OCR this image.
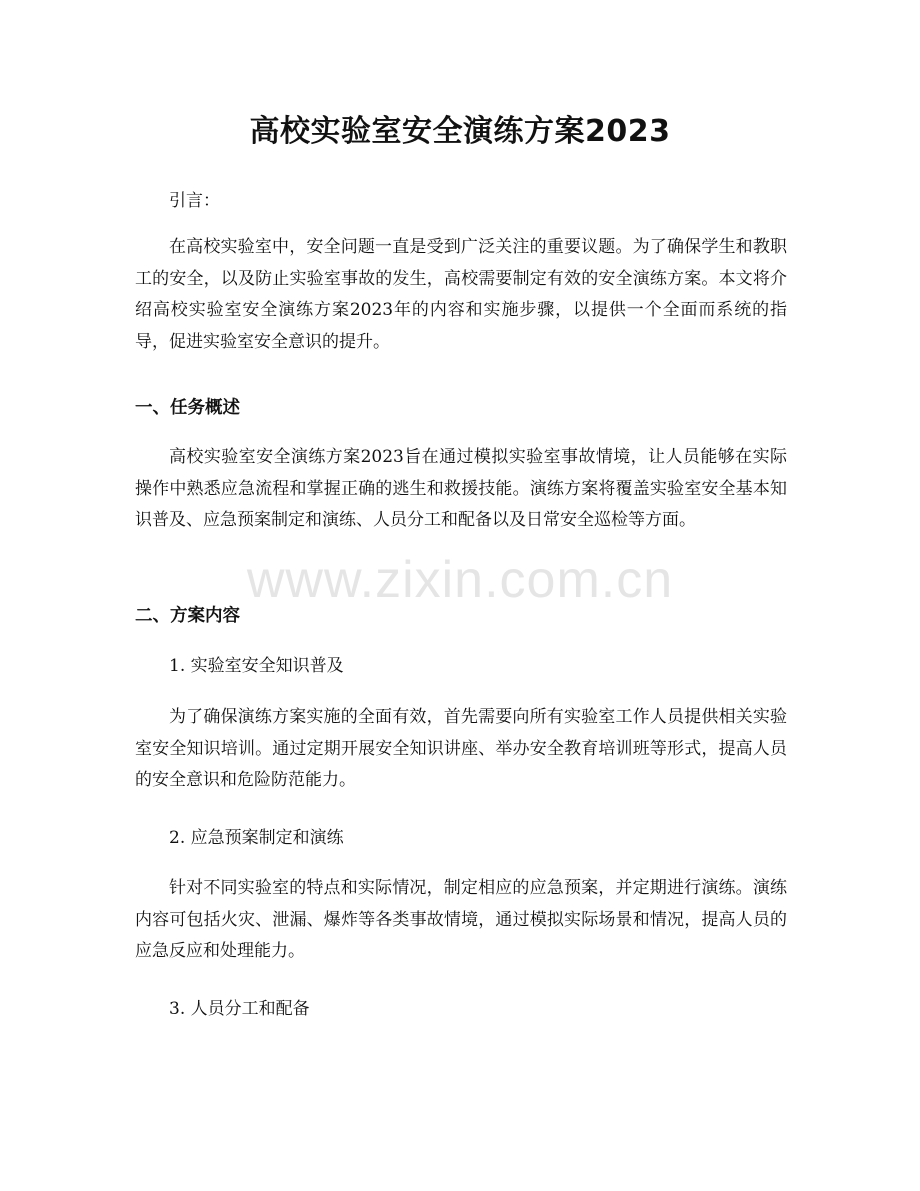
高校实验室安全演练方案2023
引言：
在高校实验室中，安全问题一直是受到广泛关注的重要议题。为了确保学生和教职工的安全，以及防止实验室事故的发生，高校需要制定有效的安全演练方案。本文将介绍高校实验室安全演练方案2023年的内容和实施步骤，以提供一个全面而系统的指导，促进实验室安全意识的提升。
一、任务概述
高校实验室安全演练方案2023旨在通过模拟实验室事故情境，让人员能够在实际操作中熟悉应急流程和掌握正确的逃生和救援技能。演练方案将覆盖实验室安全基本知识普及、应急预案制定和演练、人员分工和配备以及日常安全巡检等方面。
二、方案内容
1. 实验室安全知识普及
为了确保演练方案实施的全面有效，首先需要向所有实验室工作人员提供相关实验室安全知识培训。通过定期开展安全知识讲座、举办安全教育培训班等形式，提高人员的安全意识和危险防范能力。
2. 应急预案制定和演练
针对不同实验室的特点和实际情况，制定相应的应急预案，并定期进行演练。演练内容可包括火灾、泄漏、爆炸等各类事故情境，通过模拟实际场景和情况，提高人员的应急反应和处理能力。
3. 人员分工和配备
www.zixin.com.cn
